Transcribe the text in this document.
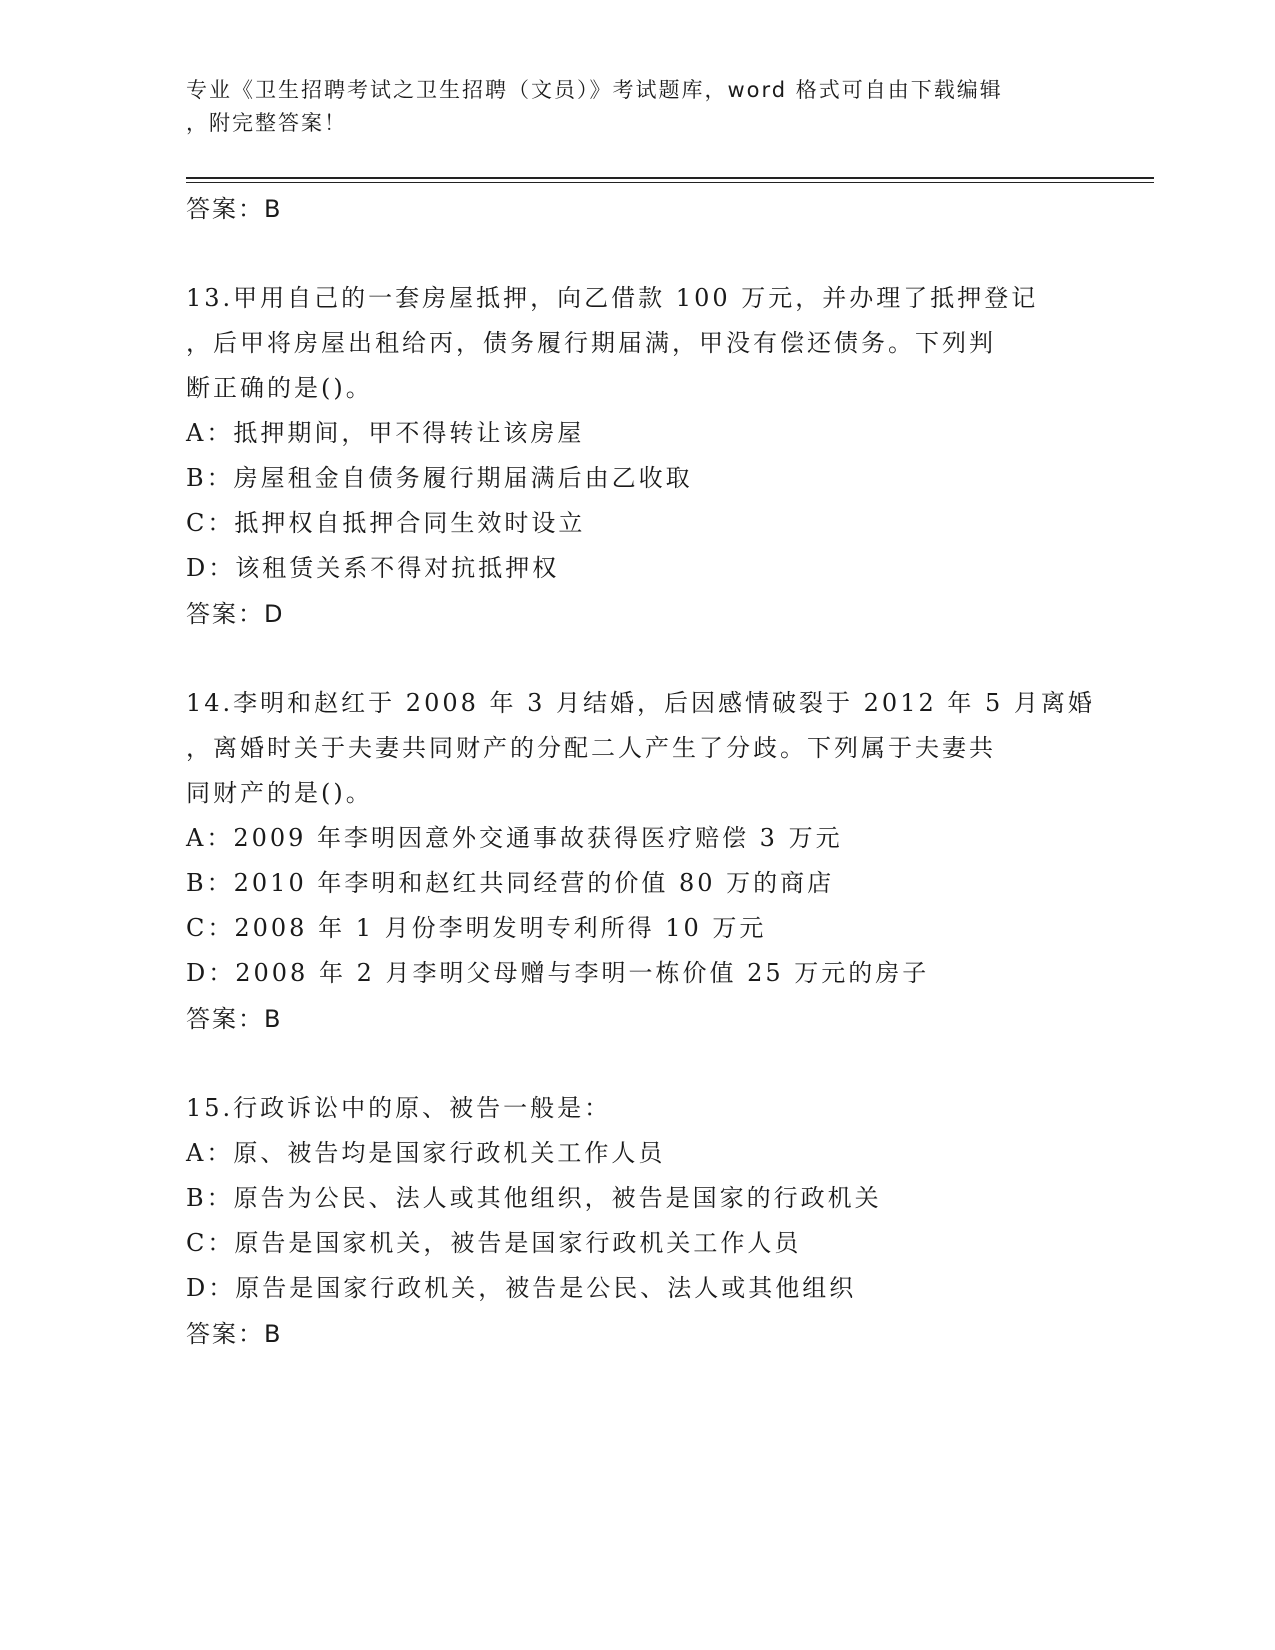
专业《卫生招聘考试之卫生招聘（文员）》考试题库，word 格式可自由下载编辑
，附完整答案！
答案：B
13.甲用自己的一套房屋抵押，向乙借款 100 万元，并办理了抵押登记
，后甲将房屋出租给丙，债务履行期届满，甲没有偿还债务。下列判
断正确的是()。
A：抵押期间，甲不得转让该房屋
B：房屋租金自债务履行期届满后由乙收取
C：抵押权自抵押合同生效时设立
D：该租赁关系不得对抗抵押权
答案：D
14.李明和赵红于 2008 年 3 月结婚，后因感情破裂于 2012 年 5 月离婚
，离婚时关于夫妻共同财产的分配二人产生了分歧。下列属于夫妻共
同财产的是()。
A：2009 年李明因意外交通事故获得医疗赔偿 3 万元
B：2010 年李明和赵红共同经营的价值 80 万的商店
C：2008 年 1 月份李明发明专利所得 10 万元
D：2008 年 2 月李明父母赠与李明一栋价值 25 万元的房子
答案：B
15.行政诉讼中的原、被告一般是：
A：原、被告均是国家行政机关工作人员
B：原告为公民、法人或其他组织，被告是国家的行政机关
C：原告是国家机关，被告是国家行政机关工作人员
D：原告是国家行政机关，被告是公民、法人或其他组织
答案：B
